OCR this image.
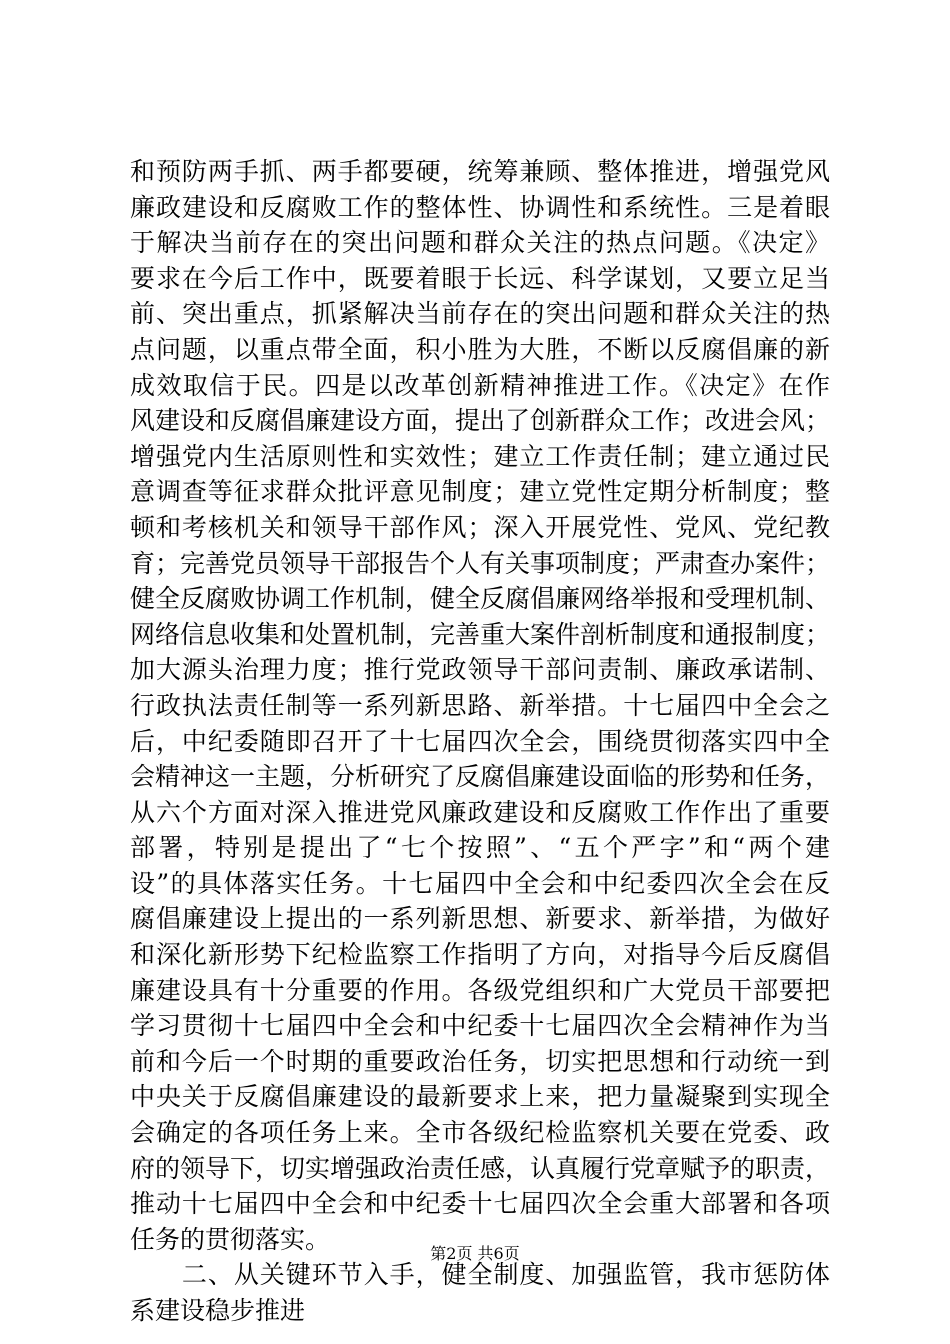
和预防两手抓、两手都要硬，统筹兼顾、整体推进，增强党风
廉政建设和反腐败工作的整体性、协调性和系统性。三是着眼
于解决当前存在的突出问题和群众关注的热点问题。《决定》
要求在今后工作中，既要着眼于长远、科学谋划，又要立足当
前、突出重点，抓紧解决当前存在的突出问题和群众关注的热
点问题，以重点带全面，积小胜为大胜，不断以反腐倡廉的新
成效取信于民。四是以改革创新精神推进工作。《决定》在作
风建设和反腐倡廉建设方面，提出了创新群众工作；改进会风；
增强党内生活原则性和实效性；建立工作责任制；建立通过民
意调查等征求群众批评意见制度；建立党性定期分析制度；整
顿和考核机关和领导干部作风；深入开展党性、党风、党纪教
育；完善党员领导干部报告个人有关事项制度；严肃查办案件；
健全反腐败协调工作机制，健全反腐倡廉网络举报和受理机制、
网络信息收集和处置机制，完善重大案件剖析制度和通报制度；
加大源头治理力度；推行党政领导干部问责制、廉政承诺制、
行政执法责任制等一系列新思路、新举措。十七届四中全会之
后，中纪委随即召开了十七届四次全会，围绕贯彻落实四中全
会精神这一主题，分析研究了反腐倡廉建设面临的形势和任务，
从六个方面对深入推进党风廉政建设和反腐败工作作出了重要
部署，特别是提出了“七个按照”、“五个严字”和“两个建
设”的具体落实任务。十七届四中全会和中纪委四次全会在反
腐倡廉建设上提出的一系列新思想、新要求、新举措，为做好
和深化新形势下纪检监察工作指明了方向，对指导今后反腐倡
廉建设具有十分重要的作用。各级党组织和广大党员干部要把
学习贯彻十七届四中全会和中纪委十七届四次全会精神作为当
前和今后一个时期的重要政治任务，切实把思想和行动统一到
中央关于反腐倡廉建设的最新要求上来，把力量凝聚到实现全
会确定的各项任务上来。全市各级纪检监察机关要在党委、政
府的领导下，切实增强政治责任感，认真履行党章赋予的职责，
推动十七届四中全会和中纪委十七届四次全会重大部署和各项
任务的贯彻落实。
　　二、从关键环节入手，健全制度、加强监管，我市惩防体
系建设稳步推进
第2页 共6页
